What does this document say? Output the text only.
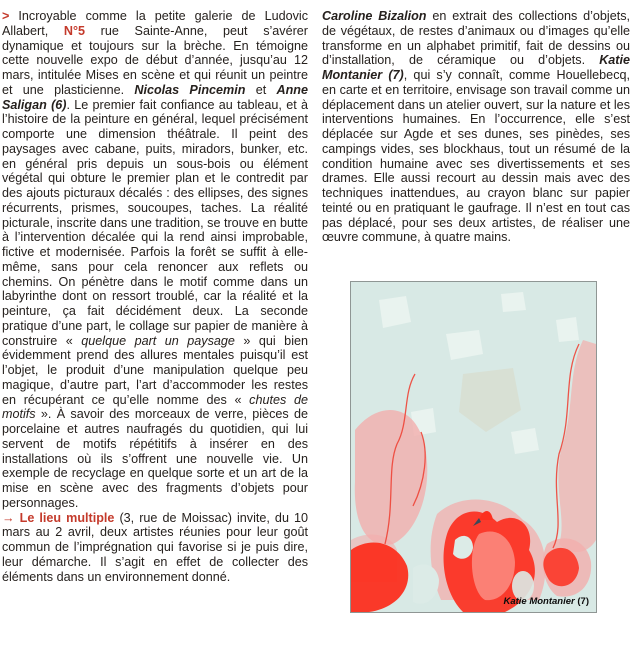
> Incroyable comme la petite galerie de Ludovic Allabert, N°5 rue Sainte-Anne, peut s’avérer dynamique et toujours sur la brèche. En témoigne cette nouvelle expo de début d’année, jusqu’au 12 mars, intitulée Mises en scène et qui réunit un peintre et une plasticienne. Nicolas Pincemin et Anne Saligan (6). Le premier fait confiance au tableau, et à l’histoire de la peinture en général, lequel précisément comporte une dimension théâtrale. Il peint des paysages avec cabane, puits, miradors, bunker, etc. en général pris depuis un sous-bois ou élément végétal qui obture le premier plan et le contredit par des ajouts picturaux décalés : des ellipses, des signes récurrents, prismes, soucoupes, taches. La réalité picturale, inscrite dans une tradition, se trouve en butte à l’intervention décalée qui la rend ainsi improbable, fictive et modernisée. Parfois la forêt se suffit à elle-même, sans pour cela renoncer aux reflets ou chemins. On pénètre dans le motif comme dans un labyrinthe dont on ressort troublé, car la réalité et la peinture, ça fait décidément deux. La seconde pratique d’une part, le collage sur papier de manière à construire « quelque part un paysage » qui bien évidemment prend des allures mentales puisqu’il est l’objet, le produit d’une manipulation quelque peu magique, d’autre part, l’art d’accommoder les restes en récupérant ce qu’elle nomme des « chutes de motifs ». À savoir des morceaux de verre, pièces de porcelaine et autres naufragés du quotidien, qui lui servent de motifs répétitifs à insérer en des installations où ils s’offrent une nouvelle vie. Un exemple de recyclage en quelque sorte et un art de la mise en scène avec des fragments d’objets pour personnages.

→ Le lieu multiple (3, rue de Moissac) invite, du 10 mars au 2 avril, deux artistes réunies pour leur goût commun de l’imprégnation qui favorise si je puis dire, leur démarche. Il s’agit en effet de collecter des éléments dans un environnement donné.

Caroline Bizalion en extrait des collections d’objets, de végétaux, de restes d’animaux ou d’images qu’elle transforme en un alphabet primitif, fait de dessins ou d’installation, de céramique ou d’objets. Katie Montanier (7), qui s’y connaît, comme Houellebecq, en carte et en territoire, envisage son travail comme un déplacement dans un atelier ouvert, sur la nature et les interventions humaines. En l’occurrence, elle s’est déplacée sur Agde et ses dunes, ses pinèdes, ses campings vides, ses blockhaus, tout un résumé de la condition humaine avec ses divertissements et ses drames. Elle aussi recourt au dessin mais avec des techniques inattendues, au crayon blanc sur papier teinté ou en pratiquant le gaufrage. Il n’est en tout cas pas déplacé, pour ses deux artistes, de réaliser une œuvre commune, à quatre mains.

Katie Montanier (7)
